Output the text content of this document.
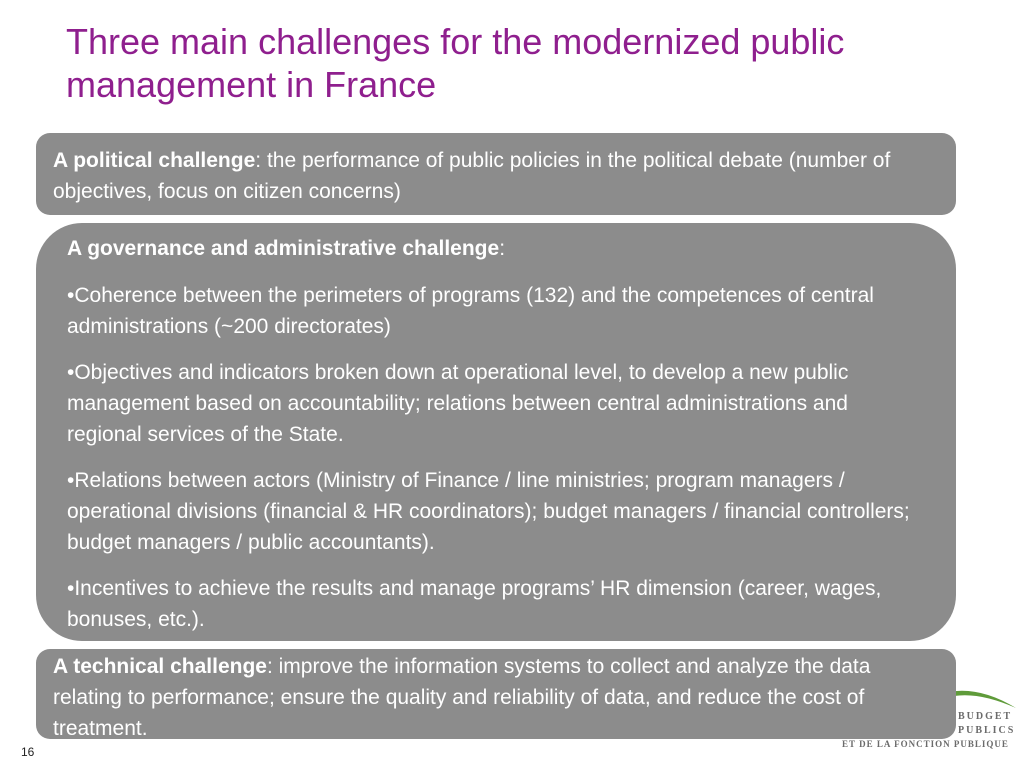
Three main challenges for the modernized public
management in France
A political challenge: the performance of public policies in the political debate (number of objectives, focus on citizen concerns)

A governance and administrative challenge:

•Coherence between the perimeters of programs (132) and the competences of central administrations (~200 directorates)

•Objectives and indicators broken down at operational level, to develop a new public management based on accountability; relations between central administrations and regional services of the State.

•Relations between actors (Ministry of Finance / line ministries; program managers / operational divisions (financial & HR coordinators); budget managers / financial controllers; budget managers / public accountants).

•Incentives to achieve the results and manage programs’ HR dimension (career, wages, bonuses, etc.).

BUDGET
PUBLICS
ET DE LA FONCTION PUBLIQUE
A technical challenge: improve the information systems to collect and analyze the data relating to performance; ensure the quality and reliability of data, and reduce the cost of treatment.
16
